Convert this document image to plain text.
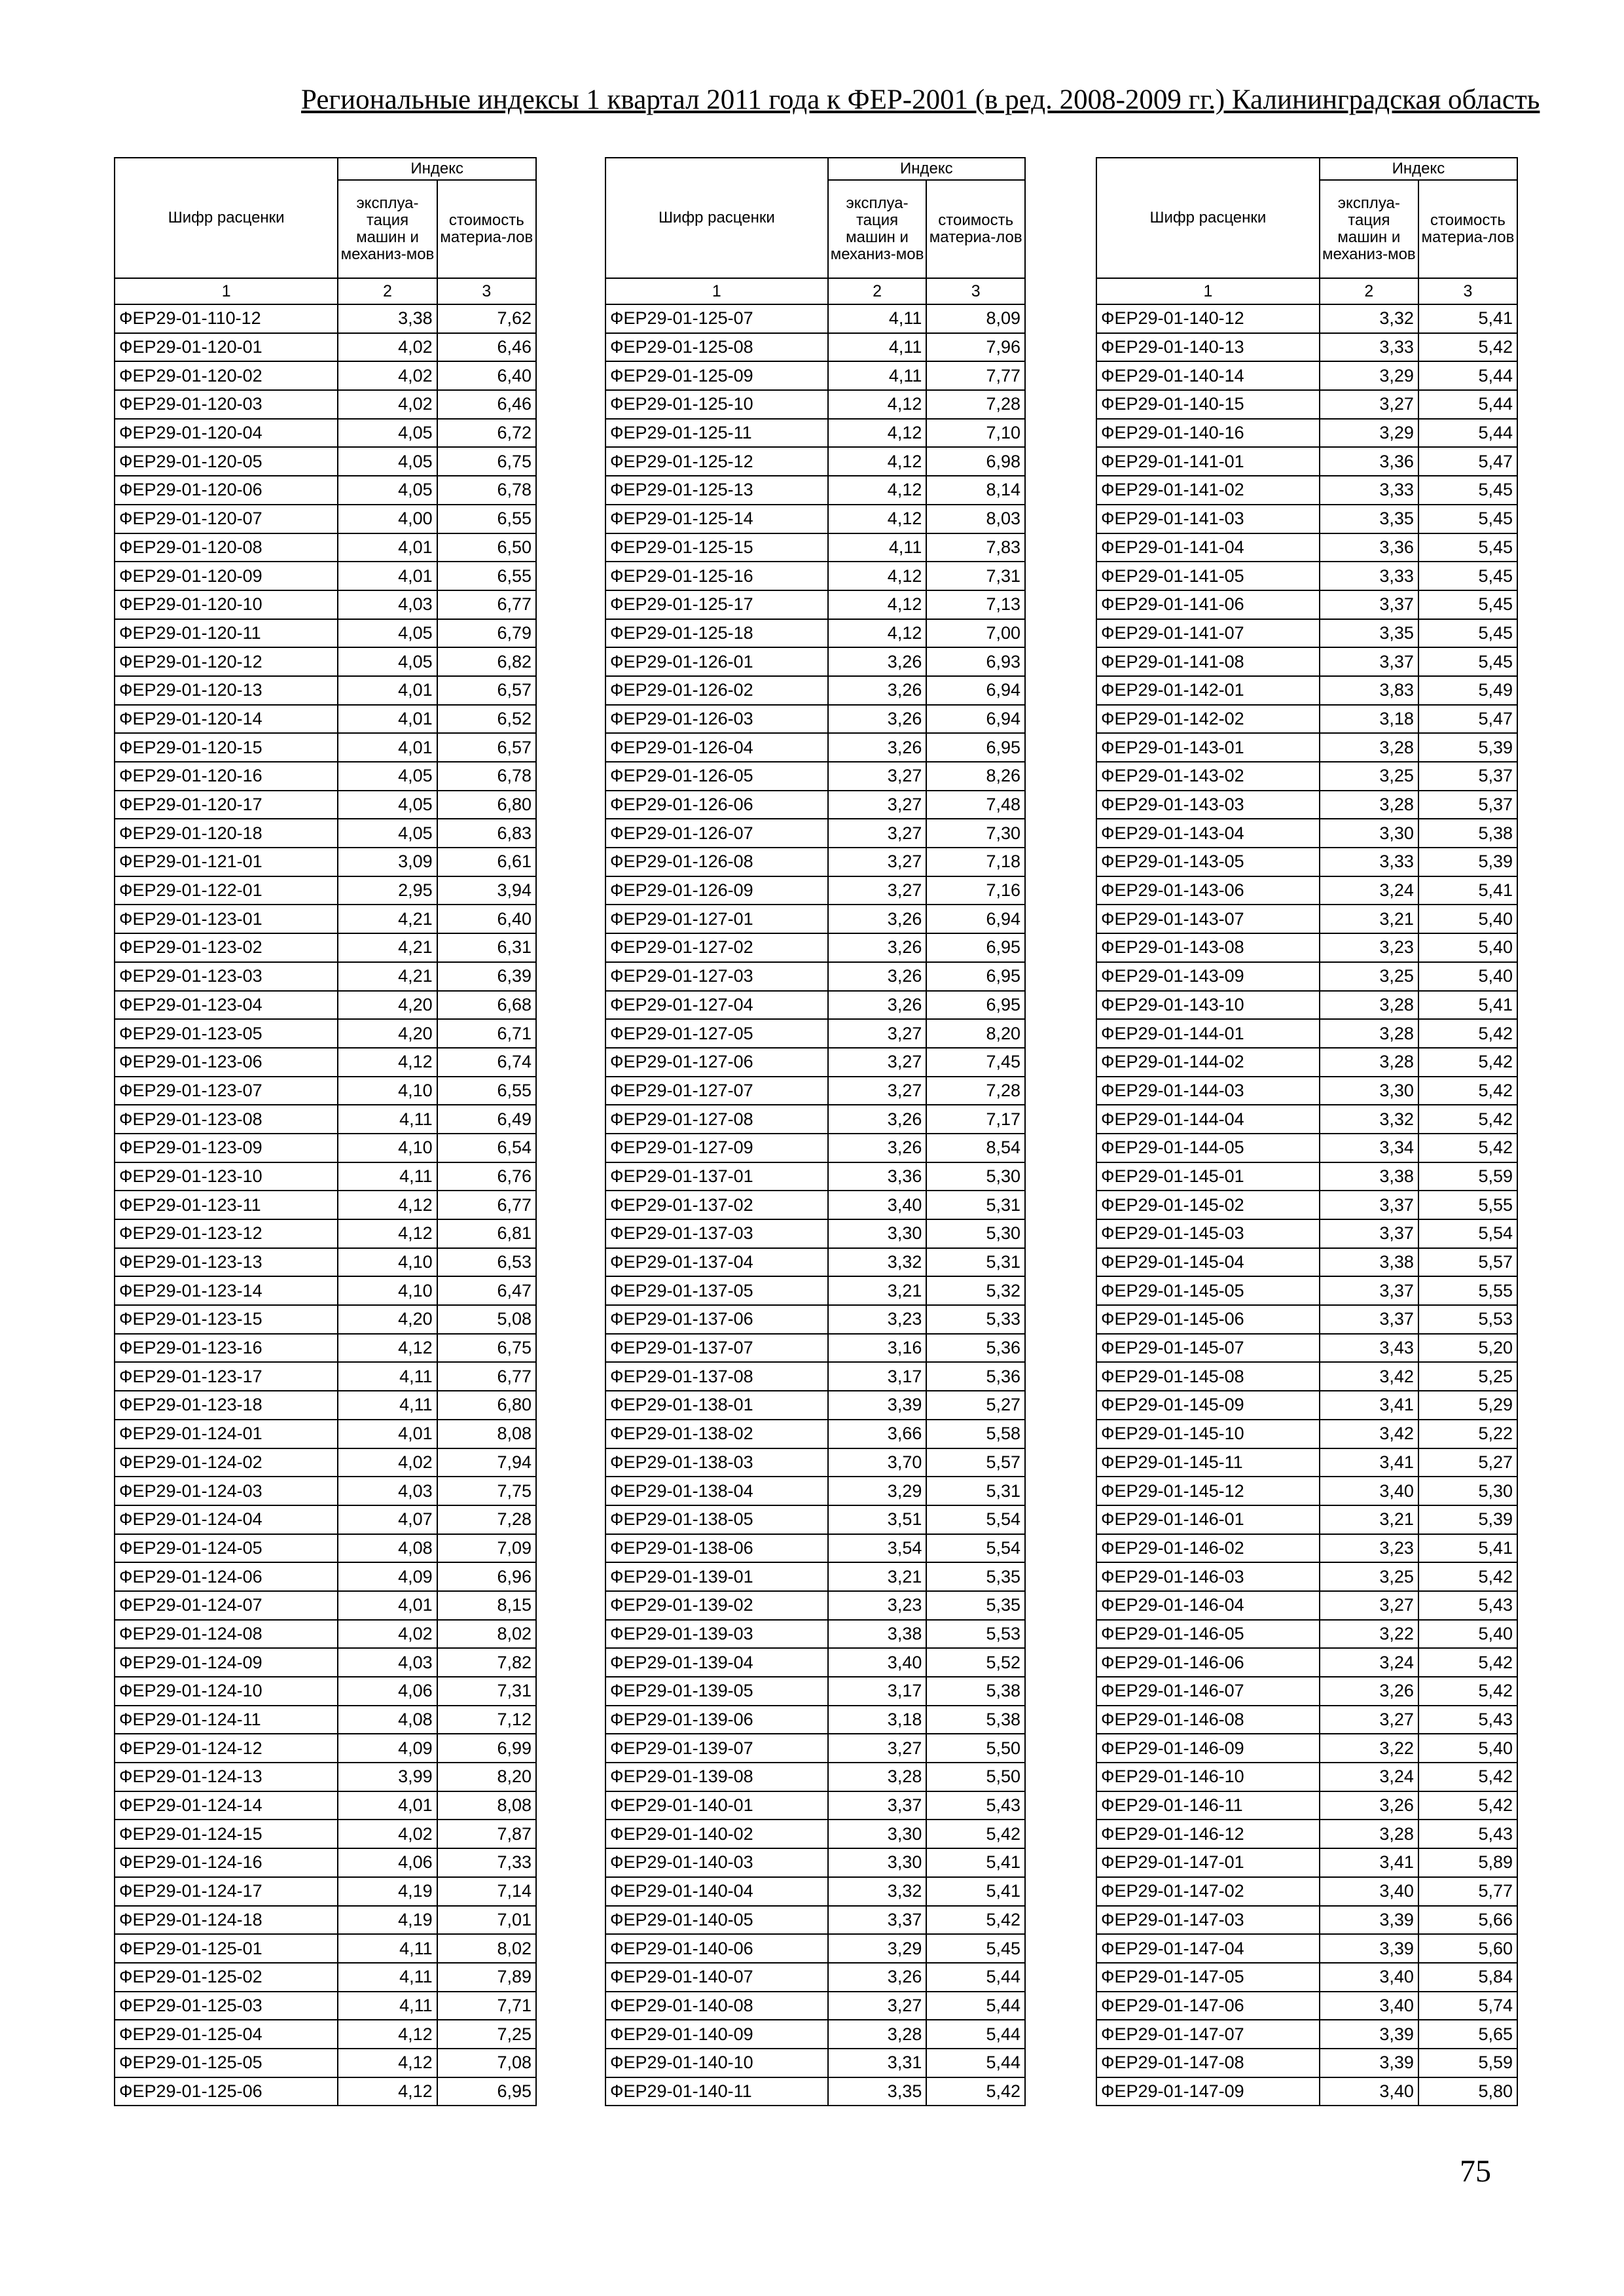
Региональные индексы 1 квартал 2011 года к ФЕР-2001 (в ред. 2008-2009 гг.) Калининградская область
Шифр расценки	Индекс	
	эксплуа-тация машин и механиз-мов	стоимость материа-лов
1	2	3
ФЕР29-01-110-12	3,38	7,62
ФЕР29-01-120-01	4,02	6,46
ФЕР29-01-120-02	4,02	6,40
ФЕР29-01-120-03	4,02	6,46
ФЕР29-01-120-04	4,05	6,72
ФЕР29-01-120-05	4,05	6,75
ФЕР29-01-120-06	4,05	6,78
ФЕР29-01-120-07	4,00	6,55
ФЕР29-01-120-08	4,01	6,50
ФЕР29-01-120-09	4,01	6,55
ФЕР29-01-120-10	4,03	6,77
ФЕР29-01-120-11	4,05	6,79
ФЕР29-01-120-12	4,05	6,82
ФЕР29-01-120-13	4,01	6,57
ФЕР29-01-120-14	4,01	6,52
ФЕР29-01-120-15	4,01	6,57
ФЕР29-01-120-16	4,05	6,78
ФЕР29-01-120-17	4,05	6,80
ФЕР29-01-120-18	4,05	6,83
ФЕР29-01-121-01	3,09	6,61
ФЕР29-01-122-01	2,95	3,94
ФЕР29-01-123-01	4,21	6,40
ФЕР29-01-123-02	4,21	6,31
ФЕР29-01-123-03	4,21	6,39
ФЕР29-01-123-04	4,20	6,68
ФЕР29-01-123-05	4,20	6,71
ФЕР29-01-123-06	4,12	6,74
ФЕР29-01-123-07	4,10	6,55
ФЕР29-01-123-08	4,11	6,49
ФЕР29-01-123-09	4,10	6,54
ФЕР29-01-123-10	4,11	6,76
ФЕР29-01-123-11	4,12	6,77
ФЕР29-01-123-12	4,12	6,81
ФЕР29-01-123-13	4,10	6,53
ФЕР29-01-123-14	4,10	6,47
ФЕР29-01-123-15	4,20	5,08
ФЕР29-01-123-16	4,12	6,75
ФЕР29-01-123-17	4,11	6,77
ФЕР29-01-123-18	4,11	6,80
ФЕР29-01-124-01	4,01	8,08
ФЕР29-01-124-02	4,02	7,94
ФЕР29-01-124-03	4,03	7,75
ФЕР29-01-124-04	4,07	7,28
ФЕР29-01-124-05	4,08	7,09
ФЕР29-01-124-06	4,09	6,96
ФЕР29-01-124-07	4,01	8,15
ФЕР29-01-124-08	4,02	8,02
ФЕР29-01-124-09	4,03	7,82
ФЕР29-01-124-10	4,06	7,31
ФЕР29-01-124-11	4,08	7,12
ФЕР29-01-124-12	4,09	6,99
ФЕР29-01-124-13	3,99	8,20
ФЕР29-01-124-14	4,01	8,08
ФЕР29-01-124-15	4,02	7,87
ФЕР29-01-124-16	4,06	7,33
ФЕР29-01-124-17	4,19	7,14
ФЕР29-01-124-18	4,19	7,01
ФЕР29-01-125-01	4,11	8,02
ФЕР29-01-125-02	4,11	7,89
ФЕР29-01-125-03	4,11	7,71
ФЕР29-01-125-04	4,12	7,25
ФЕР29-01-125-05	4,12	7,08
ФЕР29-01-125-06	4,12	6,95
Шифр расценки	Индекс	
	эксплуа-тация машин и механиз-мов	стоимость материа-лов
1	2	3
ФЕР29-01-125-07	4,11	8,09
ФЕР29-01-125-08	4,11	7,96
ФЕР29-01-125-09	4,11	7,77
ФЕР29-01-125-10	4,12	7,28
ФЕР29-01-125-11	4,12	7,10
ФЕР29-01-125-12	4,12	6,98
ФЕР29-01-125-13	4,12	8,14
ФЕР29-01-125-14	4,12	8,03
ФЕР29-01-125-15	4,11	7,83
ФЕР29-01-125-16	4,12	7,31
ФЕР29-01-125-17	4,12	7,13
ФЕР29-01-125-18	4,12	7,00
ФЕР29-01-126-01	3,26	6,93
ФЕР29-01-126-02	3,26	6,94
ФЕР29-01-126-03	3,26	6,94
ФЕР29-01-126-04	3,26	6,95
ФЕР29-01-126-05	3,27	8,26
ФЕР29-01-126-06	3,27	7,48
ФЕР29-01-126-07	3,27	7,30
ФЕР29-01-126-08	3,27	7,18
ФЕР29-01-126-09	3,27	7,16
ФЕР29-01-127-01	3,26	6,94
ФЕР29-01-127-02	3,26	6,95
ФЕР29-01-127-03	3,26	6,95
ФЕР29-01-127-04	3,26	6,95
ФЕР29-01-127-05	3,27	8,20
ФЕР29-01-127-06	3,27	7,45
ФЕР29-01-127-07	3,27	7,28
ФЕР29-01-127-08	3,26	7,17
ФЕР29-01-127-09	3,26	8,54
ФЕР29-01-137-01	3,36	5,30
ФЕР29-01-137-02	3,40	5,31
ФЕР29-01-137-03	3,30	5,30
ФЕР29-01-137-04	3,32	5,31
ФЕР29-01-137-05	3,21	5,32
ФЕР29-01-137-06	3,23	5,33
ФЕР29-01-137-07	3,16	5,36
ФЕР29-01-137-08	3,17	5,36
ФЕР29-01-138-01	3,39	5,27
ФЕР29-01-138-02	3,66	5,58
ФЕР29-01-138-03	3,70	5,57
ФЕР29-01-138-04	3,29	5,31
ФЕР29-01-138-05	3,51	5,54
ФЕР29-01-138-06	3,54	5,54
ФЕР29-01-139-01	3,21	5,35
ФЕР29-01-139-02	3,23	5,35
ФЕР29-01-139-03	3,38	5,53
ФЕР29-01-139-04	3,40	5,52
ФЕР29-01-139-05	3,17	5,38
ФЕР29-01-139-06	3,18	5,38
ФЕР29-01-139-07	3,27	5,50
ФЕР29-01-139-08	3,28	5,50
ФЕР29-01-140-01	3,37	5,43
ФЕР29-01-140-02	3,30	5,42
ФЕР29-01-140-03	3,30	5,41
ФЕР29-01-140-04	3,32	5,41
ФЕР29-01-140-05	3,37	5,42
ФЕР29-01-140-06	3,29	5,45
ФЕР29-01-140-07	3,26	5,44
ФЕР29-01-140-08	3,27	5,44
ФЕР29-01-140-09	3,28	5,44
ФЕР29-01-140-10	3,31	5,44
ФЕР29-01-140-11	3,35	5,42
Шифр расценки	Индекс	
	эксплуа-тация машин и механиз-мов	стоимость материа-лов
1	2	3
ФЕР29-01-140-12	3,32	5,41
ФЕР29-01-140-13	3,33	5,42
ФЕР29-01-140-14	3,29	5,44
ФЕР29-01-140-15	3,27	5,44
ФЕР29-01-140-16	3,29	5,44
ФЕР29-01-141-01	3,36	5,47
ФЕР29-01-141-02	3,33	5,45
ФЕР29-01-141-03	3,35	5,45
ФЕР29-01-141-04	3,36	5,45
ФЕР29-01-141-05	3,33	5,45
ФЕР29-01-141-06	3,37	5,45
ФЕР29-01-141-07	3,35	5,45
ФЕР29-01-141-08	3,37	5,45
ФЕР29-01-142-01	3,83	5,49
ФЕР29-01-142-02	3,18	5,47
ФЕР29-01-143-01	3,28	5,39
ФЕР29-01-143-02	3,25	5,37
ФЕР29-01-143-03	3,28	5,37
ФЕР29-01-143-04	3,30	5,38
ФЕР29-01-143-05	3,33	5,39
ФЕР29-01-143-06	3,24	5,41
ФЕР29-01-143-07	3,21	5,40
ФЕР29-01-143-08	3,23	5,40
ФЕР29-01-143-09	3,25	5,40
ФЕР29-01-143-10	3,28	5,41
ФЕР29-01-144-01	3,28	5,42
ФЕР29-01-144-02	3,28	5,42
ФЕР29-01-144-03	3,30	5,42
ФЕР29-01-144-04	3,32	5,42
ФЕР29-01-144-05	3,34	5,42
ФЕР29-01-145-01	3,38	5,59
ФЕР29-01-145-02	3,37	5,55
ФЕР29-01-145-03	3,37	5,54
ФЕР29-01-145-04	3,38	5,57
ФЕР29-01-145-05	3,37	5,55
ФЕР29-01-145-06	3,37	5,53
ФЕР29-01-145-07	3,43	5,20
ФЕР29-01-145-08	3,42	5,25
ФЕР29-01-145-09	3,41	5,29
ФЕР29-01-145-10	3,42	5,22
ФЕР29-01-145-11	3,41	5,27
ФЕР29-01-145-12	3,40	5,30
ФЕР29-01-146-01	3,21	5,39
ФЕР29-01-146-02	3,23	5,41
ФЕР29-01-146-03	3,25	5,42
ФЕР29-01-146-04	3,27	5,43
ФЕР29-01-146-05	3,22	5,40
ФЕР29-01-146-06	3,24	5,42
ФЕР29-01-146-07	3,26	5,42
ФЕР29-01-146-08	3,27	5,43
ФЕР29-01-146-09	3,22	5,40
ФЕР29-01-146-10	3,24	5,42
ФЕР29-01-146-11	3,26	5,42
ФЕР29-01-146-12	3,28	5,43
ФЕР29-01-147-01	3,41	5,89
ФЕР29-01-147-02	3,40	5,77
ФЕР29-01-147-03	3,39	5,66
ФЕР29-01-147-04	3,39	5,60
ФЕР29-01-147-05	3,40	5,84
ФЕР29-01-147-06	3,40	5,74
ФЕР29-01-147-07	3,39	5,65
ФЕР29-01-147-08	3,39	5,59
ФЕР29-01-147-09	3,40	5,80
75
